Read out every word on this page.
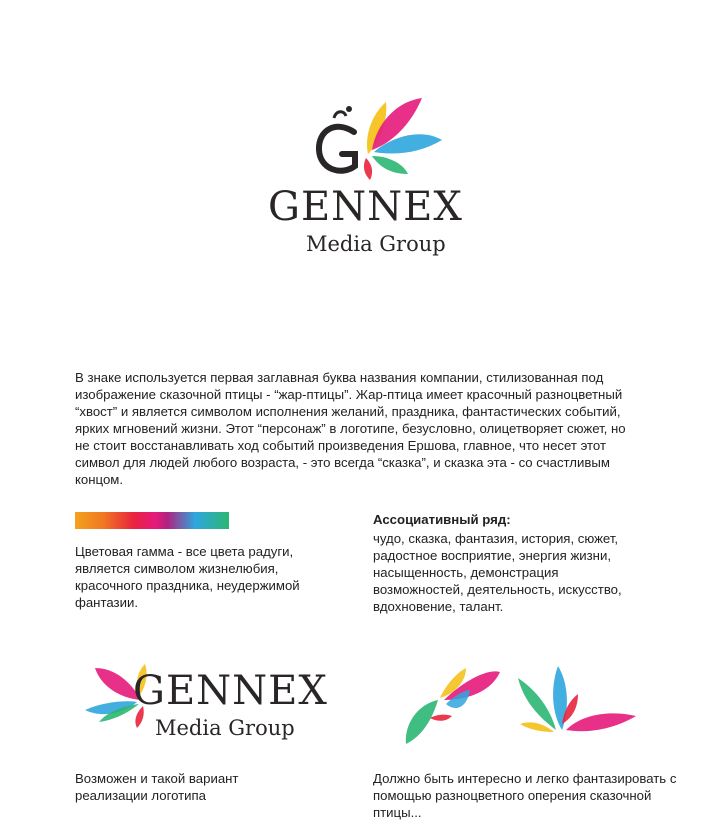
GENNEX
Media Group
В знаке используется первая заглавная буква названия компании, стилизованная под изображение сказочной птицы - “жар-птицы”. Жар-птица имеет красочный разноцветный “хвост” и является символом исполнения желаний, праздника, фантастических событий, ярких мгновений жизни. Этот “персонаж” в логотипе, безусловно, олицетворяет сюжет, но не стоит восстанавливать ход событий произведения Ершова, главное, что несет этот символ для людей любого возраста, - это всегда “сказка”, и сказка эта - со счастливым концом.
Цветовая гамма - все цвета радуги, является символом жизнелюбия, красочного праздника, неудержимой фантазии.
Ассоциативный ряд:
чудо, сказка, фантазия, история, сюжет, радостное восприятие, энергия жизни, насыщенность, демонстрация возможностей, деятельность, искусство, вдохновение, талант.
GENNEX
Media Group
Возможен и такой вариант реализации логотипа
Должно быть интересно и легко фантазировать с помощью разноцветного оперения сказочной птицы...
